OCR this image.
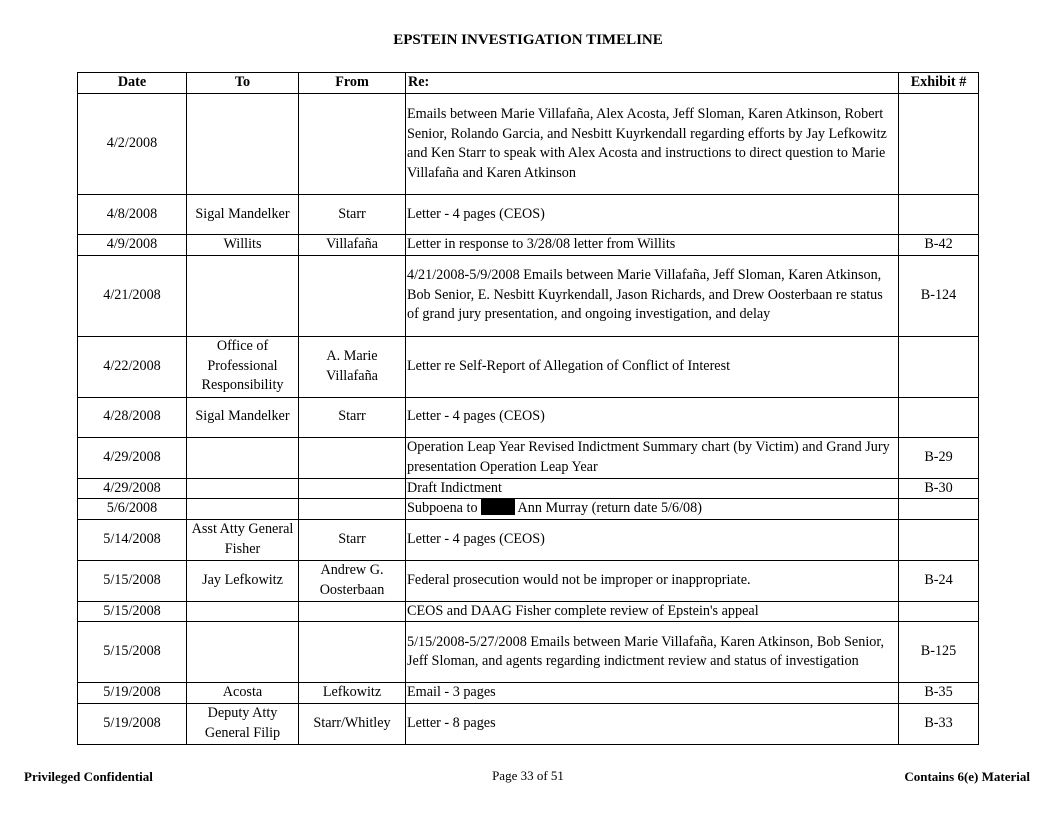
EPSTEIN INVESTIGATION TIMELINE
Date	To	From	Re:	Exhibit #
4/2/2008			Emails between Marie Villafaña, Alex Acosta, Jeff Sloman, Karen Atkinson, Robert Senior, Rolando Garcia, and Nesbitt Kuyrkendall regarding efforts by Jay Lefkowitz and Ken Starr to speak with Alex Acosta and instructions to direct question to Marie Villafaña and Karen Atkinson	
4/8/2008	Sigal Mandelker	Starr	Letter - 4 pages (CEOS)	
4/9/2008	Willits	Villafaña	Letter in response to 3/28/08 letter from Willits	B-42
4/21/2008			4/21/2008-5/9/2008 Emails between Marie Villafaña, Jeff Sloman, Karen Atkinson, Bob Senior, E. Nesbitt Kuyrkendall, Jason Richards, and Drew Oosterbaan re status of grand jury presentation, and ongoing investigation, and delay	B-124
4/22/2008	Office of Professional Responsibility	A. Marie Villafaña	Letter re Self-Report of Allegation of Conflict of Interest	
4/28/2008	Sigal Mandelker	Starr	Letter - 4 pages (CEOS)	
4/29/2008			Operation Leap Year Revised Indictment Summary chart (by Victim) and Grand Jury presentation Operation Leap Year	B-29
4/29/2008			Draft Indictment	B-30
5/6/2008			Subpoena to Ann Murray (return date 5/6/08)	
5/14/2008	Asst Atty General Fisher	Starr	Letter - 4 pages (CEOS)	
5/15/2008	Jay Lefkowitz	Andrew G. Oosterbaan	Federal prosecution would not be improper or inappropriate.	B-24
5/15/2008			CEOS and DAAG Fisher complete review of Epstein's appeal	
5/15/2008			5/15/2008-5/27/2008 Emails between Marie Villafaña, Karen Atkinson, Bob Senior, Jeff Sloman, and agents regarding indictment review and status of investigation	B-125
5/19/2008	Acosta	Lefkowitz	Email - 3 pages	B-35
5/19/2008	Deputy Atty General Filip	Starr/Whitley	Letter - 8 pages	B-33
Privileged Confidential	Page 33 of 51	Contains 6(e) Material
